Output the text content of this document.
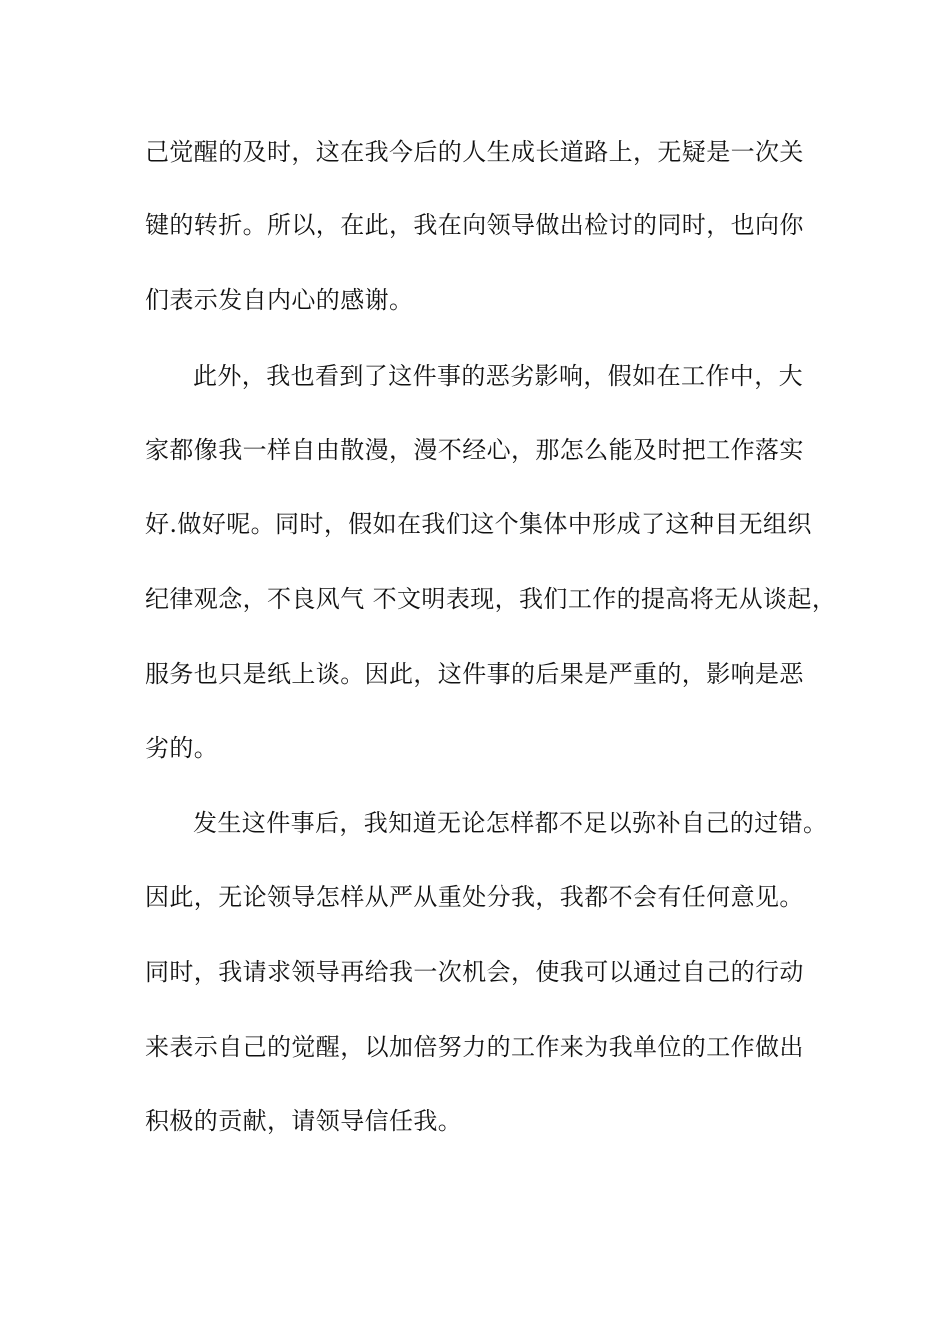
己觉醒的及时，这在我今后的人生成长道路上，无疑是一次关

键的转折。所以，在此，我在向领导做出检讨的同时，也向你

们表示发自内心的感谢。

此外，我也看到了这件事的恶劣影响，假如在工作中，大

家都像我一样自由散漫，漫不经心，那怎么能及时把工作落实

好.做好呢。同时，假如在我们这个集体中形成了这种目无组织

纪律观念，不良风气 不文明表现，我们工作的提高将无从谈起，

服务也只是纸上谈。因此，这件事的后果是严重的，影响是恶

劣的。

发生这件事后，我知道无论怎样都不足以弥补自己的过错。

因此，无论领导怎样从严从重处分我，我都不会有任何意见。

同时，我请求领导再给我一次机会，使我可以通过自己的行动

来表示自己的觉醒，以加倍努力的工作来为我单位的工作做出

积极的贡献，请领导信任我。
